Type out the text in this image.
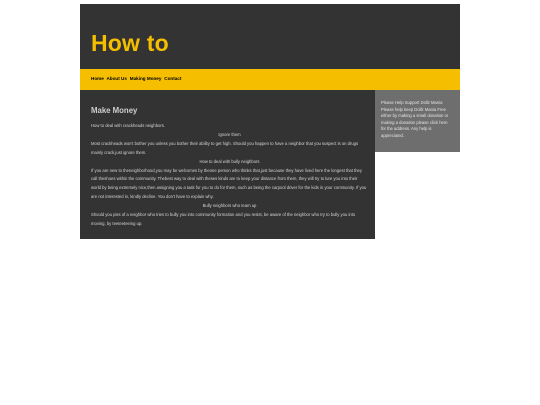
How to
Home About Us Making Money Contact
Make Money

How to deal with crackheads neighbors.

Ignore them

Most crackheads won't bother you unless you bother their ability to get high. Should you happen to have a neighbor that you suspect is on drugs mainly crack,just ignore them.

How to deal with bully neighbors

If you are new to theneighborhood,you may be welcomes by theone person who thinks that,just because they have lived here the longest that they call theshoes within the community. Thebest way to deal with theses kinds are to keep your distance from them, they will try to lure you into their world by being extremely nice,then assigning you a task for you to do for them, such as being the carpool driver for the kids in your community. If you are not interested in, kindly decline. You don't have to explain why.

Bully neighbors who team up

Should you piss of a neighbor who tries to bully you into community formation and you resist, be aware of the neighbor who try to bully you into moving, by teeteeteeing up.

Please Help Support Dollz Mania Please help keep Dollz Mania Free either by making a small donation or making a donation please click here for the address. Any help is appreciated.
